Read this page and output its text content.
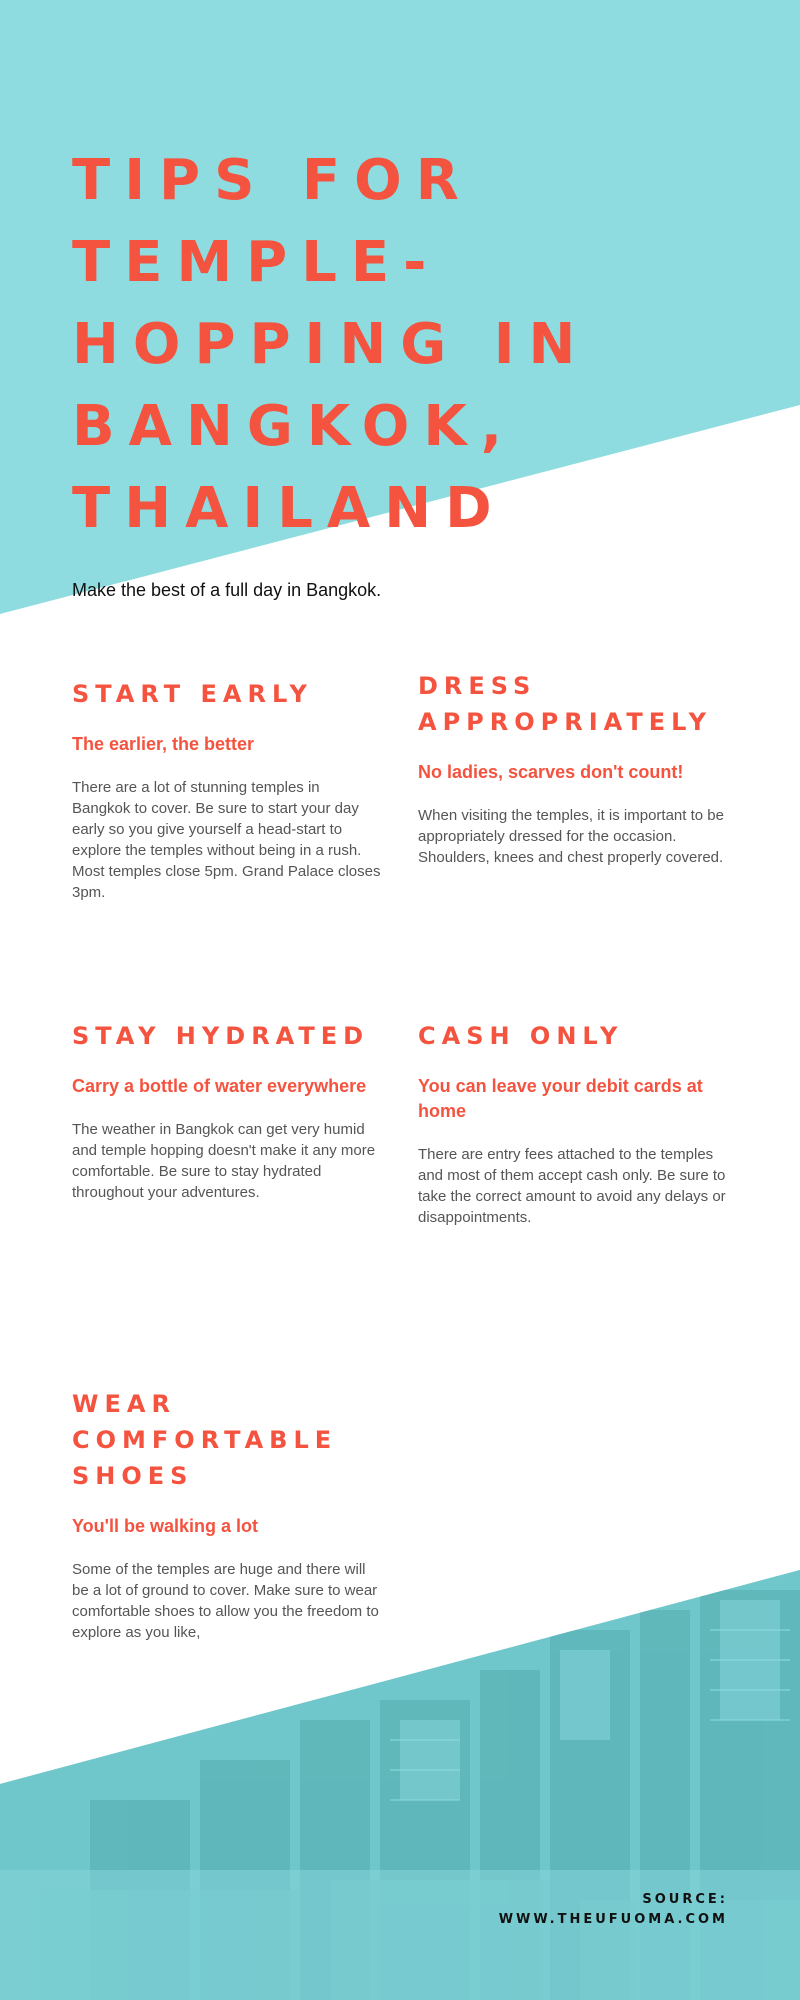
TIPS FOR TEMPLE-HOPPING IN BANGKOK, THAILAND

Make the best of a full day in Bangkok.

START EARLY
The earlier, the better

There are a lot of stunning temples in Bangkok to cover. Be sure to start your day early so you give yourself a head-start to explore the temples without being in a rush. Most temples close 5pm. Grand Palace closes 3pm.

DRESS APPROPRIATELY
No ladies, scarves don't count!

When visiting the temples, it is important to be appropriately dressed for the occasion. Shoulders, knees and chest properly covered.

STAY HYDRATED
Carry a bottle of water everywhere

The weather in Bangkok can get very humid and temple hopping doesn't make it any more comfortable. Be sure to stay hydrated throughout your adventures.

CASH ONLY
You can leave your debit cards at home

There are entry fees attached to the temples and most of them accept cash only. Be sure to take the correct amount to avoid any delays or disappointments.

WEAR COMFORTABLE SHOES
You'll be walking a lot

Some of the temples are huge and there will be a lot of ground to cover. Make sure to wear comfortable shoes to allow you the freedom to explore as you like,

SOURCE:
WWW.THEUFUOMA.COM
